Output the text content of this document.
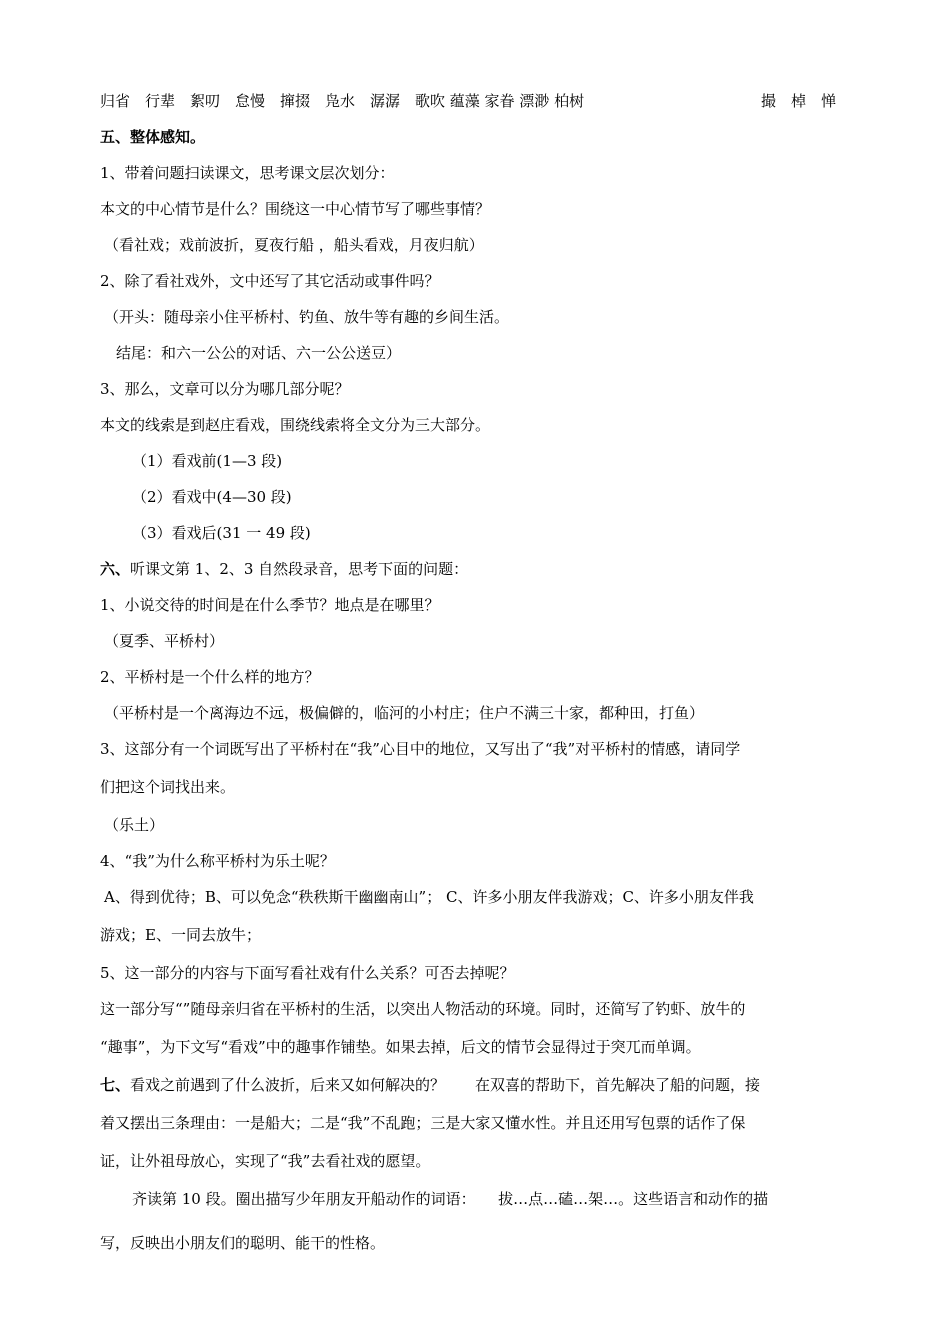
归省　行辈　絮叨　怠慢　撺掇　凫水　潺潺　歌吹 蕴藻 家眷 漂渺 柏树	撮　棹　惮
五、整体感知。
1、带着问题扫读课文，思考课文层次划分：
本文的中心情节是什么？围绕这一中心情节写了哪些事情？
（看社戏；戏前波折，夏夜行船 ，船头看戏，月夜归航）
2、除了看社戏外，文中还写了其它活动或事件吗？
（开头：随母亲小住平桥村、钓鱼、放牛等有趣的乡间生活。
结尾：和六一公公的对话、六一公公送豆）
3、那么，文章可以分为哪几部分呢？
本文的线索是到赵庄看戏，围绕线索将全文分为三大部分。
（1）看戏前(1—3 段)
（2）看戏中(4—30 段)
（3）看戏后(31 一 49 段)
六、听课文第 1、2、3 自然段录音，思考下面的问题：
1、小说交待的时间是在什么季节？地点是在哪里？
（夏季、平桥村）
2、平桥村是一个什么样的地方？
（平桥村是一个离海边不远，极偏僻的，临河的小村庄；住户不满三十家，都种田，打鱼）
3、这部分有一个词既写出了平桥村在“我”心目中的地位，又写出了“我”对平桥村的情感，请同学
们把这个词找出来。
（乐土）
4、“我”为什么称平桥村为乐土呢？
A、得到优待；B、可以免念“秩秩斯干幽幽南山”； C、许多小朋友伴我游戏；C、许多小朋友伴我
游戏；E、一同去放牛；
5、这一部分的内容与下面写看社戏有什么关系？可否去掉呢？
这一部分写“”随母亲归省在平桥村的生活，以突出人物活动的环境。同时，还简写了钓虾、放牛的
“趣事”，为下文写“看戏”中的趣事作铺垫。如果去掉，后文的情节会显得过于突兀而单调。
七、看戏之前遇到了什么波折，后来又如何解决的？　　在双喜的帮助下，首先解决了船的问题，接
着又摆出三条理由：一是船大；二是“我”不乱跑；三是大家又懂水性。并且还用写包票的话作了保
证，让外祖母放心，实现了“我”去看社戏的愿望。
齐读第 10 段。圈出描写少年朋友开船动作的词语：　　拔…点…磕…架…。这些语言和动作的描
写，反映出小朋友们的聪明、能干的性格。
